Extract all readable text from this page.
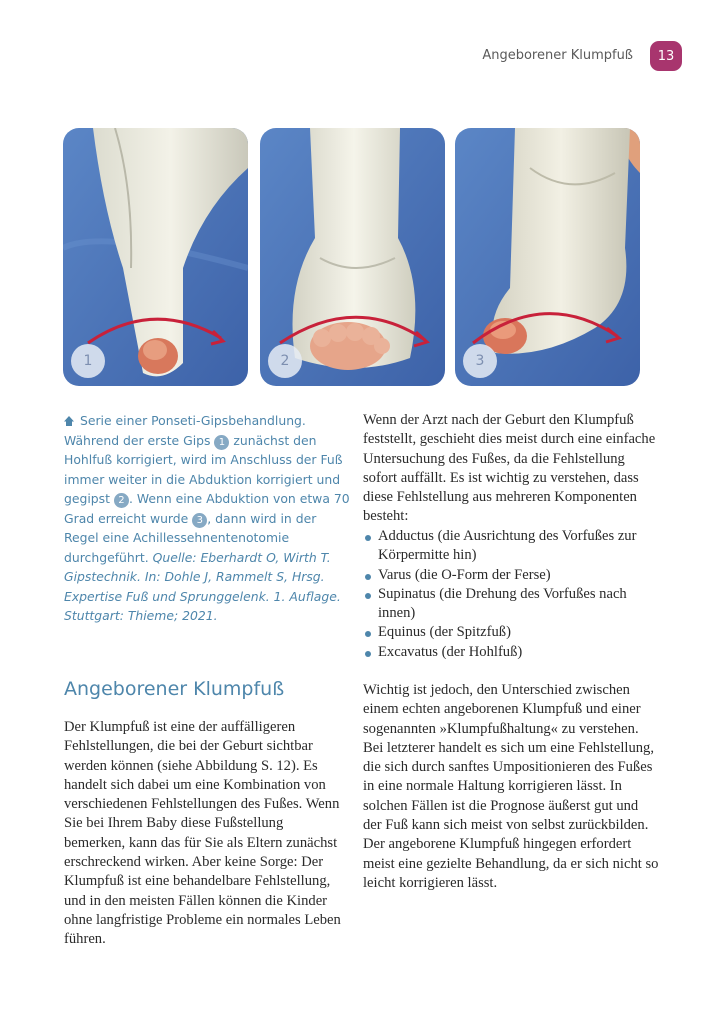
Angeborener Klumpfuß	13
1	2	3

Serie einer Ponseti-Gipsbehandlung. Während der erste Gips 1 zunächst den Hohlfuß korrigiert, wird im Anschluss der Fuß immer weiter in die Abduktion korrigiert und gegipst 2 . Wenn eine Abduktion von etwa 70 Grad erreicht wurde 3 , dann wird in der Regel eine Achillessehnentenotomie durchgeführt. Quelle: Eberhardt O, Wirth T. Gipstechnik. In: Dohle J, Rammelt S, Hrsg. Expertise Fuß und Sprunggelenk. 1. Auflage. Stuttgart: Thieme; 2021.

Wenn der Arzt nach der Geburt den Klumpfuß feststellt, geschieht dies meist durch eine einfache Untersuchung des Fußes, da die Fehlstellung sofort auffällt. Es ist wichtig zu verstehen, dass diese Fehlstellung aus mehreren Komponenten besteht:

Adductus (die Ausrichtung des Vorfußes zur Körpermitte hin)
Varus (die O-Form der Ferse)
Supinatus (die Drehung des Vorfußes nach innen)
Equinus (der Spitzfuß)
Excavatus (der Hohlfuß)

Wichtig ist jedoch, den Unterschied zwischen einem echten angeborenen Klumpfuß und einer sogenannten »Klumpfußhaltung« zu verstehen. Bei letzterer handelt es sich um eine Fehlstellung, die sich durch sanftes Umpositionieren des Fußes in eine normale Haltung korrigieren lässt. In solchen Fällen ist die Prognose äußerst gut und der Fuß kann sich meist von selbst zurückbilden. Der angeborene Klumpfuß hingegen erfordert meist eine gezielte Behandlung, da er sich nicht so leicht korrigieren lässt.

Angeborener Klumpfuß

Der Klumpfuß ist eine der auffälligeren Fehlstellungen, die bei der Geburt sichtbar werden können (siehe Abbildung S. 12). Es handelt sich dabei um eine Kombination von verschiedenen Fehlstellungen des Fußes. Wenn Sie bei Ihrem Baby diese Fußstellung bemerken, kann das für Sie als Eltern zunächst erschreckend wirken. Aber keine Sorge: Der Klumpfuß ist eine behandelbare Fehlstellung, und in den meisten Fällen können die Kinder ohne langfristige Probleme ein normales Leben führen.
